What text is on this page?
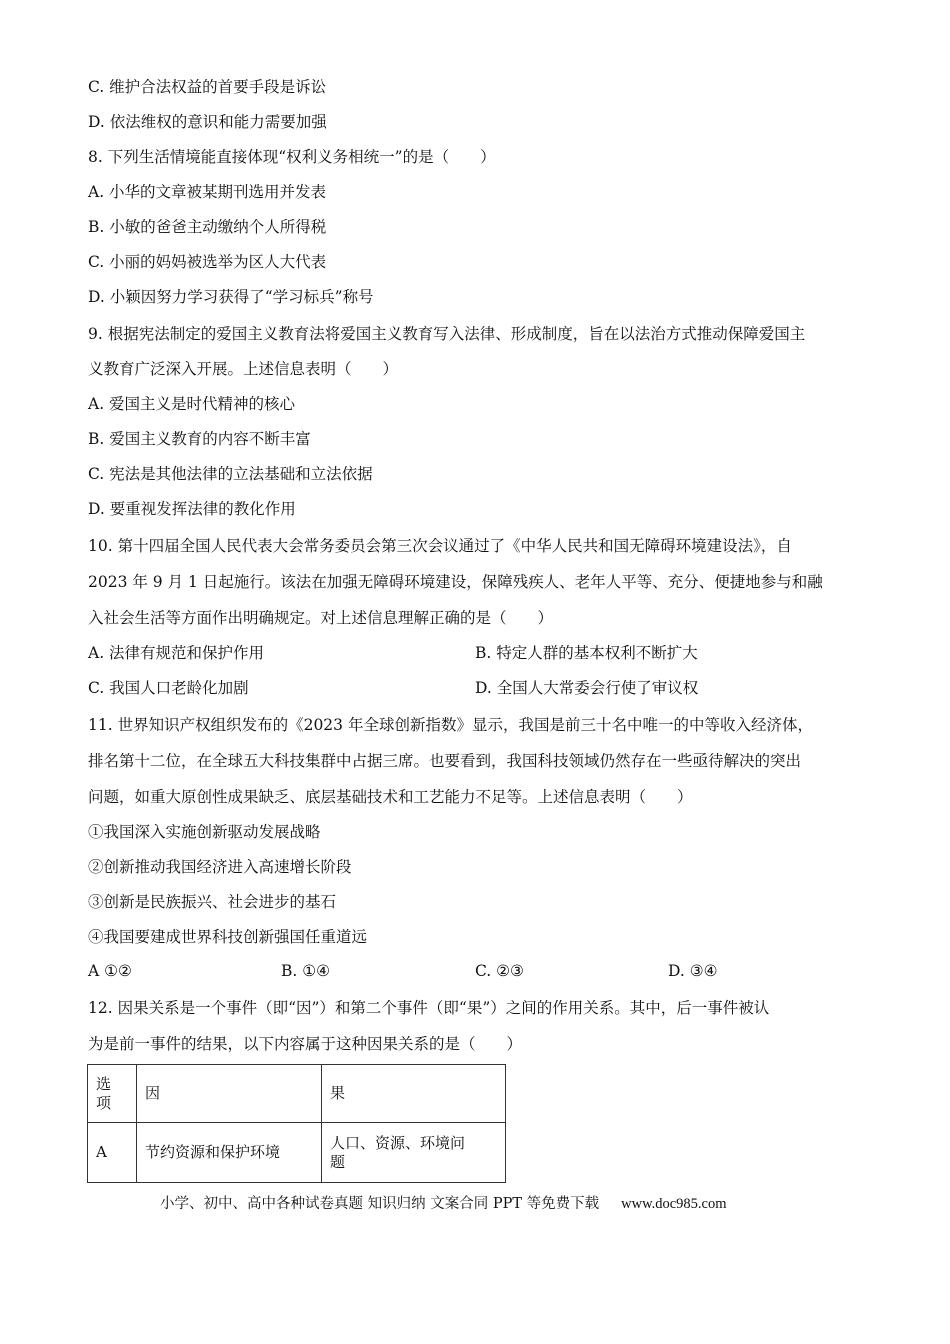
C. 维护合法权益的首要手段是诉讼
D. 依法维权的意识和能力需要加强
8. 下列生活情境能直接体现“权利义务相统一”的是（　　）
A. 小华的文章被某期刊选用并发表
B. 小敏的爸爸主动缴纳个人所得税
C. 小丽的妈妈被选举为区人大代表
D. 小颖因努力学习获得了“学习标兵”称号
9. 根据宪法制定的爱国主义教育法将爱国主义教育写入法律、形成制度，旨在以法治方式推动保障爱国主
义教育广泛深入开展。上述信息表明（　　）
A. 爱国主义是时代精神的核心
B. 爱国主义教育的内容不断丰富
C. 宪法是其他法律的立法基础和立法依据
D. 要重视发挥法律的教化作用
10. 第十四届全国人民代表大会常务委员会第三次会议通过了《中华人民共和国无障碍环境建设法》，自
2023 年 9 月 1 日起施行。该法在加强无障碍环境建设，保障残疾人、老年人平等、充分、便捷地参与和融
入社会生活等方面作出明确规定。对上述信息理解正确的是（　　）
A. 法律有规范和保护作用	B. 特定人群的基本权利不断扩大
C. 我国人口老龄化加剧	D. 全国人大常委会行使了审议权
11. 世界知识产权组织发布的《2023 年全球创新指数》显示，我国是前三十名中唯一的中等收入经济体，
排名第十二位，在全球五大科技集群中占据三席。也要看到，我国科技领域仍然存在一些亟待解决的突出
问题，如重大原创性成果缺乏、底层基础技术和工艺能力不足等。上述信息表明（　　）
①我国深入实施创新驱动发展战略
②创新推动我国经济进入高速增长阶段
③创新是民族振兴、社会进步的基石
④我国要建成世界科技创新强国任重道远
A ①②	B. ①④	C. ②③	D. ③④
12. 因果关系是一个事件（即“因”）和第二个事件（即“果”）之间的作用关系。其中，后一事件被认
为是前一事件的结果，以下内容属于这种因果关系的是（　　）
选
项	因	果
A	节约资源和保护环境	人口、资源、环境问
题
小学、初中、高中各种试卷真题 知识归纳 文案合同 PPT 等免费下载 www.doc985.com
